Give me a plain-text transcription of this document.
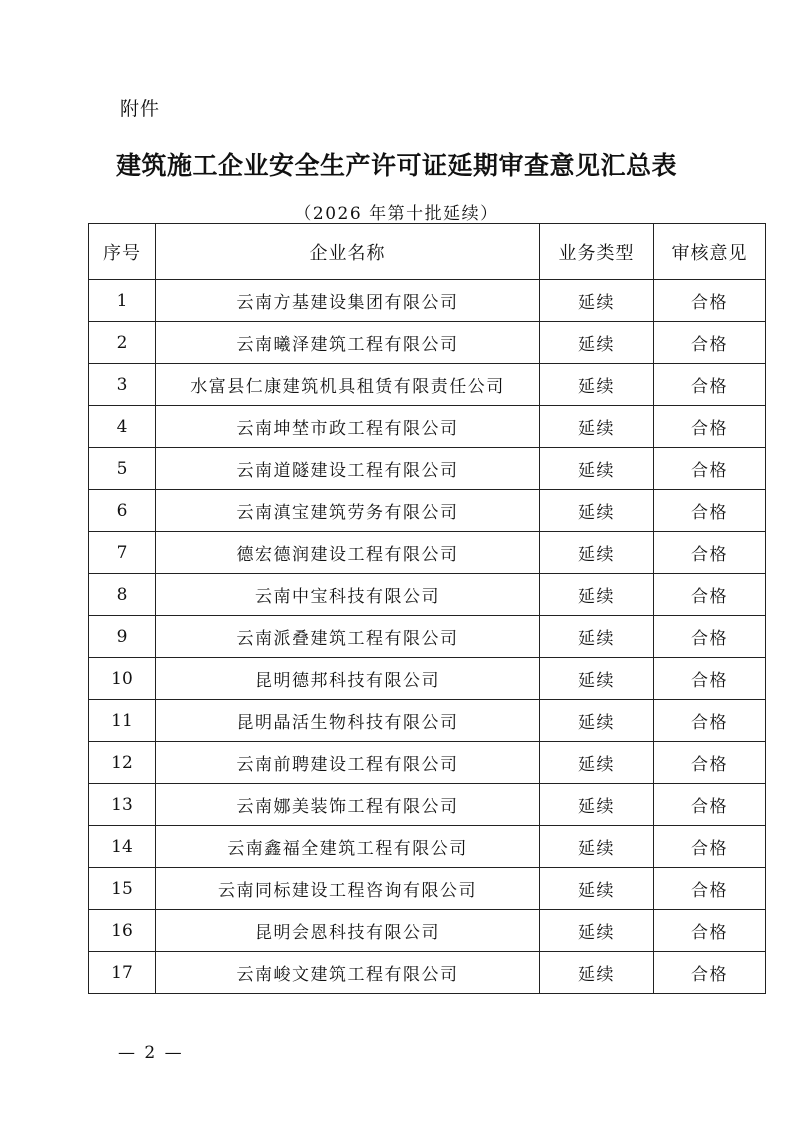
附件
建筑施工企业安全生产许可证延期审查意见汇总表
（2026 年第十批延续）
序号	企业名称	业务类型	审核意见
1	云南方基建设集团有限公司	延续	合格
2	云南曦泽建筑工程有限公司	延续	合格
3	水富县仁康建筑机具租赁有限责任公司	延续	合格
4	云南坤埜市政工程有限公司	延续	合格
5	云南道隧建设工程有限公司	延续	合格
6	云南滇宝建筑劳务有限公司	延续	合格
7	德宏德润建设工程有限公司	延续	合格
8	云南中宝科技有限公司	延续	合格
9	云南派叠建筑工程有限公司	延续	合格
10	昆明德邦科技有限公司	延续	合格
11	昆明晶活生物科技有限公司	延续	合格
12	云南前聘建设工程有限公司	延续	合格
13	云南娜美装饰工程有限公司	延续	合格
14	云南鑫福全建筑工程有限公司	延续	合格
15	云南同标建设工程咨询有限公司	延续	合格
16	昆明会恩科技有限公司	延续	合格
17	云南峻文建筑工程有限公司	延续	合格
— 2 —
